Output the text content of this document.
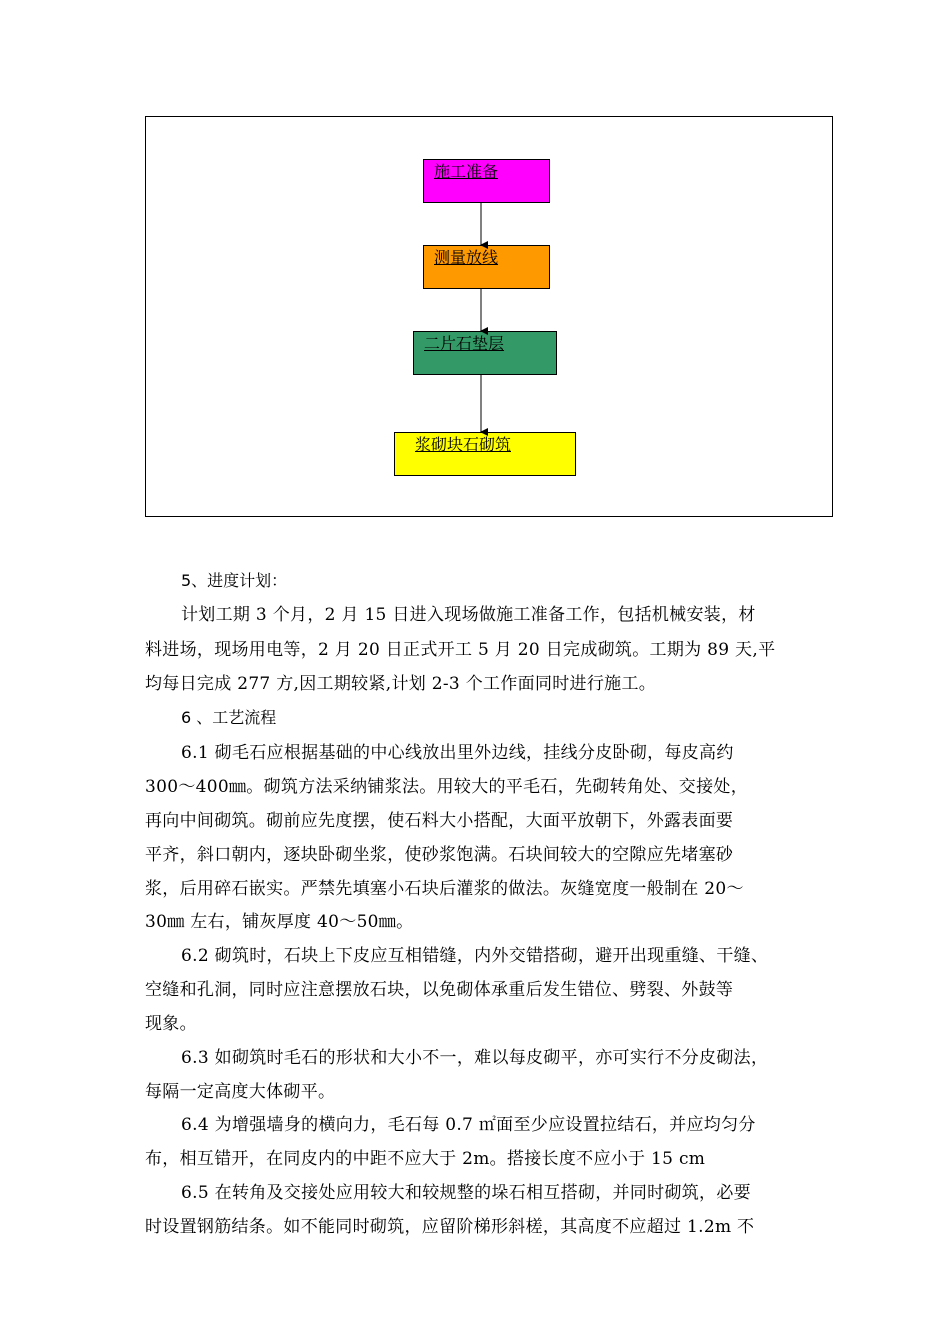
施工准备
测量放线
二片石垫层
浆砌块石砌筑
5、进度计划：
计划工期 3 个月，2 月 15 日进入现场做施工准备工作，包括机械安装，材
料进场，现场用电等，2 月 20 日正式开工 5 月 20 日完成砌筑。工期为 89 天,平
均每日完成 277 方,因工期较紧,计划 2-3 个工作面同时进行施工。
6 、工艺流程
6.1 砌毛石应根据基础的中心线放出里外边线，挂线分皮卧砌，每皮高约
300～400㎜。砌筑方法采纳铺浆法。用较大的平毛石，先砌转角处、交接处，
再向中间砌筑。砌前应先度摆，使石料大小搭配，大面平放朝下，外露表面要
平齐，斜口朝内，逐块卧砌坐浆，使砂浆饱满。石块间较大的空隙应先堵塞砂
浆，后用碎石嵌实。严禁先填塞小石块后灌浆的做法。灰缝宽度一般制在 20～
30㎜ 左右，铺灰厚度 40～50㎜。
6.2 砌筑时，石块上下皮应互相错缝，内外交错搭砌，避开出现重缝、干缝、
空缝和孔洞，同时应注意摆放石块，以免砌体承重后发生错位、劈裂、外鼓等
现象。
6.3 如砌筑时毛石的形状和大小不一，难以每皮砌平，亦可实行不分皮砌法，
每隔一定高度大体砌平。
6.4 为增强墙身的横向力，毛石每 0.7 ㎡面至少应设置拉结石，并应均匀分
布，相互错开，在同皮内的中距不应大于 2m。搭接长度不应小于 15 cm
6.5 在转角及交接处应用较大和较规整的垛石相互搭砌，并同时砌筑，必要
时设置钢筋结条。如不能同时砌筑，应留阶梯形斜槎，其高度不应超过 1.2m 不
